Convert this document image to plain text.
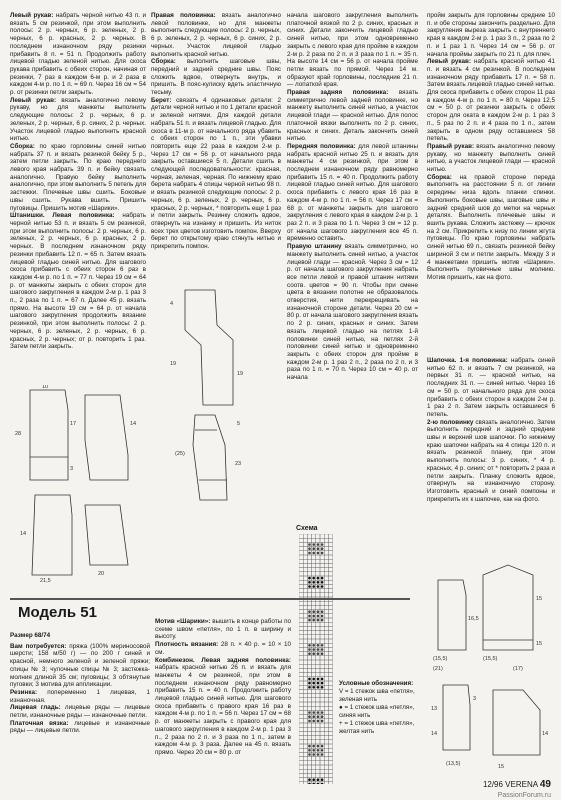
Левый рукав: набрать черной нитью 43 п. и вязать 5 см резинкой, при этом выполнить полосы: 2 р. черных, 6 р. зеленых, 2 р. черных, 6 р. красных, 2 р. черных. В последнем изнаночном ряду резинки прибавить 8 п. = 51 п. Продолжить работу лицевой гладью зеленой нитью. Для скоса рукава прибавить с обеих сторон, начиная от резинки, 7 раз в каждом 6-м р. и 2 раза в каждом 4-м р. по 1 п. = 69 п. Через 16 см = 54 р. от резинки петли закрыть.

Левый рукав: вязать аналогично левому рукаву, но для манжеты выполнить следующие полосы: 2 р. черных, 6 р. зеленых, 2 р. черных, 6 р. синих, 2 р. черных. Участок лицевой гладью выполнить красной нитью.

Сборка: по краю горловины синей нитью набрать 37 п. и вязать резинкой бейку 5 р., затем петли закрыть. По краю переднего левого края набрать 39 п. и бейку связать аналогично. Правую бейку выполнить аналогично, при этом выполнить 5 петель для застежки. Плечевые швы сшить. Боковые швы сшить. Рукава вшить. Пришить пуговицы. Пришить мотив «Шарики».

Штанишки. Левая половинка: набрать черной нитью 53 п. и вязать 5 см резинкой, при этом выполнить полосы: 2 р. черных, 6 р. зеленых, 2 р. черных, 6 р. красных, 2 р. черных. В последнем изнаночном ряду резинки прибавить 12 п. = 65 п. Затем вязать лицевой гладью синей нитью. Для шагового скоса прибавить с обеих сторон 6 раз в каждом 4-м р. по 1 п. = 77 п. Через 19 см = 64 р. от манжеты закрыть с обеих сторон для шагового закругления в каждом 2-м р. 1 раз 3 п., 2 раза по 1 п. = 67 п. Далее 45 р. вязать прямо. На высоте 19 см = 64 р. от начала шагового закругления продолжить вязание резинкой, при этом выполнить полосы: 2 р. черных, 6 р. зеленых, 2 р. черных, 6 р. красных, 2 р. черных; от р. повторить 1 раз. Затем петли закрыть.

Правая половинка: вязать аналогично левой половинке, но для манжеты выполнить следующие полосы: 2 р. черных, 6 р. зеленых, 2 р. черных, 6 р. синих, 2 р. черных. Участок лицевой гладью выполнить красной нитью.

Сборка: выполнить шаговые швы, передний и задний средние швы. Пояс сложить вдвое, отвернуть внутрь, и пришить. В пояс-кулиску вдеть эластичную тесьму.

Берет: связать 4 одинаковых детали: 2 детали черной нитью и по 1 детали красной и зеленой нитями. Для каждой детали набрать 51 п. и вязать лицевой гладью. Для скоса в 11-м р. от начального ряда убавить с обеих сторон по 1 п., эти убавки повторить еще 22 раза в каждом 2-м р. Через 17 см = 56 р. от начального ряда закрыть оставшиеся 5 п. Детали сшить в следующей последовательности: красная, черная, зеленая, черная. По нижнему краю берета набрать 4 спицы черной нитью 98 п. и вязать резинкой следующие полосы: 2 р. черных, 6 р. зеленых, 2 р. черных, 6 р. красных, 2 р. черных, * повторить еще 1 раз и петли закрыть. Резинку сложить вдвое, отвернуть на изнанку и пришить. Из ниток всех трех цветов изготовить помпон. Вверху берет по открытому краю стянуть нитью и прикрепить помпон.

начала шагового закругления выполнить платочной вязкой по 2 р. синих, красных и синих. Детали закончить лицевой гладью синей нитью, при этом одновременно закрыть с левого края для пройме в каждом 2-м р. 2 раза по 2 п. и 3 раза по 1 п. = 35 п. На высоте 14 см = 56 р. от начала пройме петли вязать по прямой. Через 14 м. образуют край горловины, последние 21 п. — лопаткой края.

Правая задняя половинка: вязать симметрично левой задней половинке, но манжету выполнить синей нитью, а участок лицевой глади — красной нитью. Для полос платочной вязки выполнить по 2 р. синих, красных и синих. Деталь закончить синей нитью.

Передняя половинка: для левой штанины набрать красной нитью 25 п. и вязать для манжеты 4 см резинкой, при этом в последнем изнаночном ряду равномерно прибавить 15 п. = 40 п. Продолжить работу лицевой гладью синей нитью. Для шагового скоса прибавить с левого края 16 раз в каждом 4-м р. по 1 п. = 56 п. Через 17 см = 68 р. от манжеты закрыть для шагового закругления с левого края в каждом 2-м р. 1 раз 2 п. и 3 раза по 1 п. Через 3 см = 12 р. от начала шагового закругления все 45 п. временно оставить.

Правую штанину вязать симметрично, но манжету выполнить синей нитью, а участок лицевой глади — красной. Через 3 см = 12 р. от начала шагового закругления набрать все петли левой и правой штанин нитями соотв. цветов = 90 п. Чтобы при смене цвета в вязании полотне не образовалось отверстия, нити перекрещивать на изнаночной стороне детали. Через 20 см = 80 р. от начала шагового закругления вязать по 2 р. синих, красных и синих. Затем вязать лицевой гладью на петлях 1-й половинки синей нитью, на петлях 2-й половинки синей нитью и одновременно закрыть с обеих сторон для пройме в каждом 2-м р. 1 раз 2 п., 2 раза по 2 п. и 3 раза по 1 п. = 70 п. Через 10 см = 40 р. от начала

пройм закрыть для горловины средние 10 п. и обе стороны закончить раздельно. Для закругления выреза закрыть с внутреннего края в каждом 2-м р. 1 раз 3 п., 2 раза по 2 п. и 1 раз 1 п. Через 14 см = 56 р. от начала проймы закрыть по 21 п. для плеч.

Левый рукав: набрать красной нитью 41 п. и вязать 4 см резинкой. В последнем изнаночном ряду прибавить 17 п. = 58 п. Затем вязать лицевой гладью синей нитью. Для скоса прибавить с обеих сторон 11 раз в каждом 4-м р. по 1 п. = 80 п. Через 12,5 см = 50 р. от резинки закрыть с обеих сторон для оката в каждом 2-м р. 1 раз 3 п., 5 раз по 2 п. и 4 раза по 1 п., затем закрыть в одном ряду оставшиеся 58 петель.

Правый рукав: вязать аналогично левому рукаву, но манжету выполнить синей нитью, а участок лицевой глади — красной нитью.

Сборка: на правой стороне переда выполнить на расстоянии 5 п. от линии середины низа вдоль планки спинки. Выполнить боковые швы, шаговые швы и задний средний шов до метки на черных деталях. Выполнить плечевые швы и вшить рукава. Сложить застежку — крючок на 2 см. Прикрепить к низу по линии жгута пуговицы. По краю горловины набрать синей нитью 69 п., связать резинкой бейку шириной 3 см и петли закрыть. Между 3 и 4 манжетами пришить мотив «Шарики». Выполнить пуговичные швы молнию. Мотив пришить, как на фото.

Шапочка. 1-я половинка: набрать синей нитью 62 п. и вязать 7 см резинкой, на первых 31 п. — красной нитью, на последних 31 п. — синей нитью. Через 16 см = 50 р. от начального ряда для скоса прибавить с обеих сторон в каждом 2-м р. 1 раз 2 п. Затем закрыть оставшиеся 6 петель.

2-ю половинку связать аналогично. Затем выполнить передний и задний средние швы и верхний шов шапочки. По нижнему краю шапочки набрать на 4 спицы 120 п. и вязать резинкой планку, при этом выполнить полосы: 3 р. синих, * 4 р. красных, 4 р. синих; от * повторить 2 раза и петли закрыть. Планку сложить вдвое, отвернуть на изнаночную сторону. Изготовить красный и синий помпоны и прикрепить их к шапочке, как на фото.

28
10
17
3
14
14
21,5
20
4
19
19
5
(25)
23
Модель 51

Размер 68/74

Вам потребуется: пряжа (100% мериносовой шерсти; 158 м/50 г) — по 200 г синей и красной, немного зеленой и зеленой пряжи; спицы № 3; чулочные спицы № 3; застежка-молния длиной 35 см; пуговицы; 3 обтянутые пуговки; 3 мотива для аппликации.

Резинка: попеременно 1 лицевая, 1 изнаночная.

Лицевая гладь: лицевые ряды — лицевые петли, изнаночные ряды — изнаночные петли.

Платочная вязка: лицевые и изнаночные ряды — лицевые петли.

Мотив «Шарики»: вышить в конце работы по схеме швом «петля», по 1 п. в ширину и высоту.

Плотность вязания: 28 п. × 40 р. = 10 × 10 см.

Комбинезон. Левая задняя половинка: набрать красной нитью 26 п. и вязать для манжеты 4 см резинкой, при этом в последнем изнаночном ряду равномерно прибавить 15 п. = 40 п. Продолжить работу лицевой гладью синей нитью. Для шагового скоса прибавить с правого края 16 раз в каждом 4-м р. по 1 п. = 56 п. Через 17 см = 68 р. от манжеты закрыть с правого края для шагового закругления в каждом 2-м р. 1 раз 3 п., 2 раза по 2 п. и 3 раза по 1 п., затем в каждом 4-м р. 3 раза. Далее на 45 п. вязать прямо. Через 20 см = 80 р. от

Схема
Условные обозначения:
V = 1 стежок шва «петля», зеленая нить
● = 1 стежок шва «петля», синяя нить
+ = 1 стежок шва «петля», желтая нить
(15,5)
(21)
16,5
15
(15,5)
(17)
15
13
14
(13,5)
3
15
14
12/96 VERENA 49
PassionForum.ru
